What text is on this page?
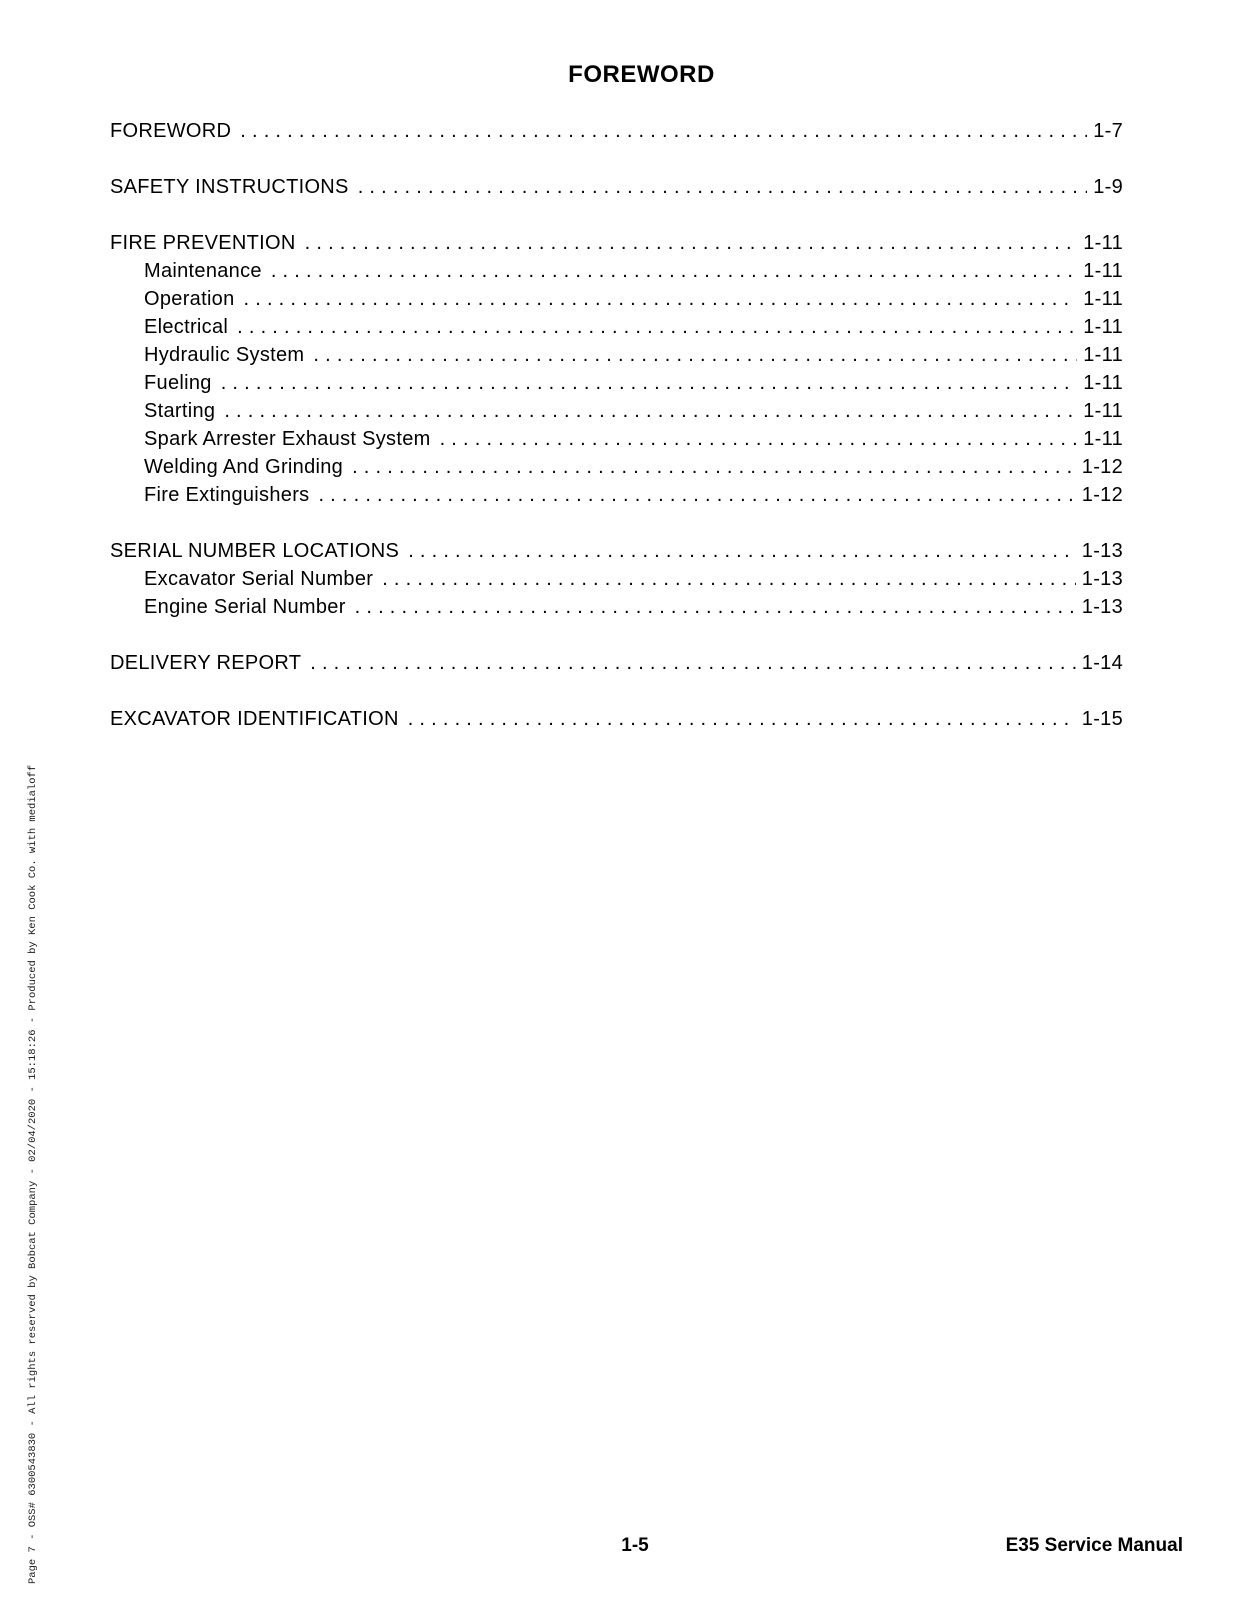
Page 7 - OSS# 6300543830 - All rights reserved by Bobcat Company - 02/04/2020 - 15:18:26 - Produced by Ken Cook Co. with medialoff
FOREWORD
FOREWORD . . .	1-7
SAFETY INSTRUCTIONS . . .	1-9
FIRE PREVENTION . . .	1-11
Maintenance . . .	1-11
Operation . . .	1-11
Electrical . . .	1-11
Hydraulic System . . .	1-11
Fueling . . .	1-11
Starting . . .	1-11
Spark Arrester Exhaust System . . .	1-11
Welding And Grinding . . .	1-12
Fire Extinguishers . . .	1-12
SERIAL NUMBER LOCATIONS . . .	1-13
Excavator Serial Number . . .	1-13
Engine Serial Number . . .	1-13
DELIVERY REPORT . . .	1-14
EXCAVATOR IDENTIFICATION . . .	1-15
1-5	E35 Service Manual
